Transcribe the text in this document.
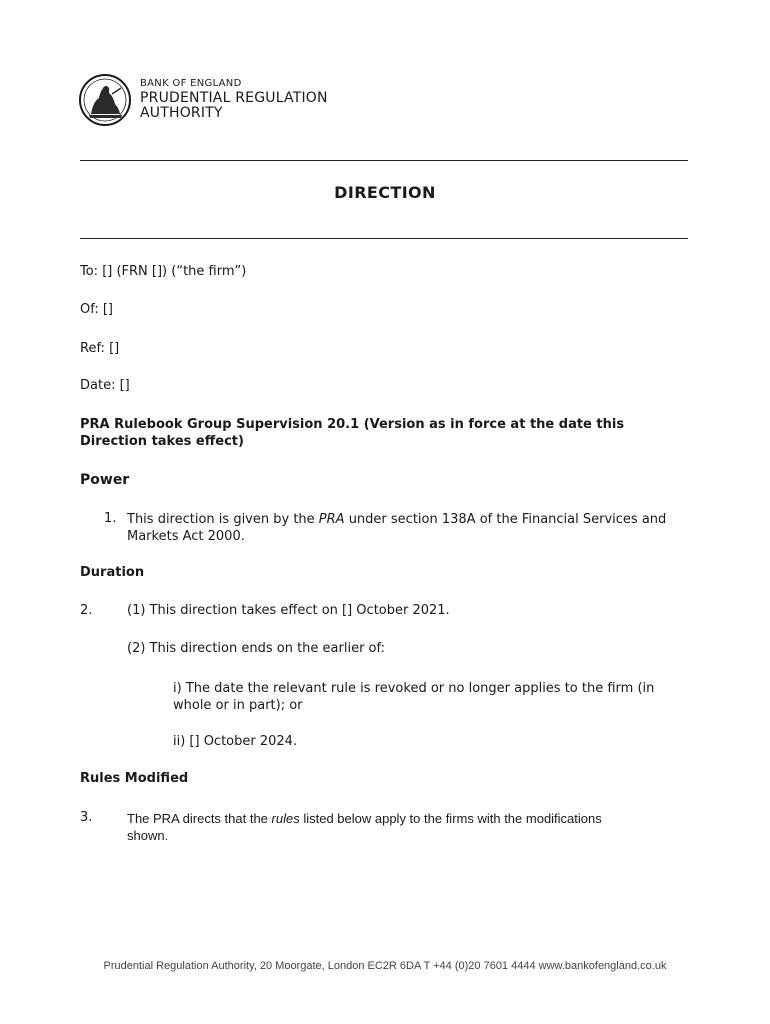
BANK OF ENGLAND
PRUDENTIAL REGULATION
AUTHORITY
DIRECTION
To: [] (FRN []) (“the firm”)
Of: []
Ref: []
Date: []
PRA Rulebook Group Supervision 20.1 (Version as in force at the date this Direction takes effect)
Power
1. This direction is given by the PRA under section 138A of the Financial Services and Markets Act 2000.
Duration
2.	(1) This direction takes effect on [] October 2021.
(2) This direction ends on the earlier of:
i) The date the relevant rule is revoked or no longer applies to the firm (in whole or in part); or
ii) [] October 2024.
Rules Modified
3.	The PRA directs that the rules listed below apply to the firms with the modifications shown.
Prudential Regulation Authority, 20 Moorgate, London EC2R 6DA T +44 (0)20 7601 4444 www.bankofengland.co.uk
